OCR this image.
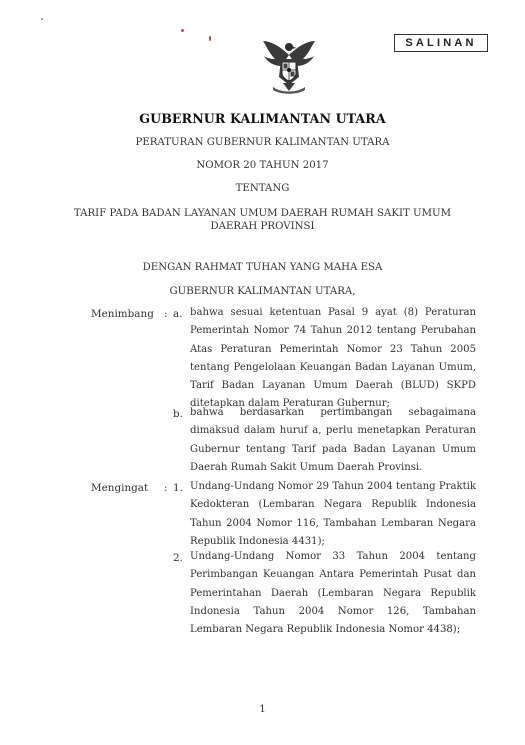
SALINAN
GUBERNUR KALIMANTAN UTARA
PERATURAN GUBERNUR KALIMANTAN UTARA
NOMOR 20 TAHUN 2017
TENTANG
TARIF PADA BADAN LAYANAN UMUM DAERAH RUMAH SAKIT UMUM
DAERAH PROVINSI
DENGAN RAHMAT TUHAN YANG MAHA ESA
GUBERNUR KALIMANTAN UTARA,
Menimbang : a. bahwa sesuai ketentuan Pasal 9 ayat (8) Peraturan Pemerintah Nomor 74 Tahun 2012 tentang Perubahan Atas Peraturan Pemerintah Nomor 23 Tahun 2005 tentang Pengelolaan Keuangan Badan Layanan Umum, Tarif Badan Layanan Umum Daerah (BLUD) SKPD ditetapkan dalam Peraturan Gubernur;
b. bahwa berdasarkan pertimbangan sebagaimana dimaksud dalam huruf a, perlu menetapkan Peraturan Gubernur tentang Tarif pada Badan Layanan Umum Daerah Rumah Sakit Umum Daerah Provinsi.
Mengingat : 1. Undang-Undang Nomor 29 Tahun 2004 tentang Praktik Kedokteran (Lembaran Negara Republik Indonesia Tahun 2004 Nomor 116, Tambahan Lembaran Negara Republik Indonesia 4431);
2. Undang-Undang Nomor 33 Tahun 2004 tentang Perimbangan Keuangan Antara Pemerintah Pusat dan Pemerintahan Daerah (Lembaran Negara Republik Indonesia Tahun 2004 Nomor 126, Tambahan Lembaran Negara Republik Indonesia Nomor 4438);
1
